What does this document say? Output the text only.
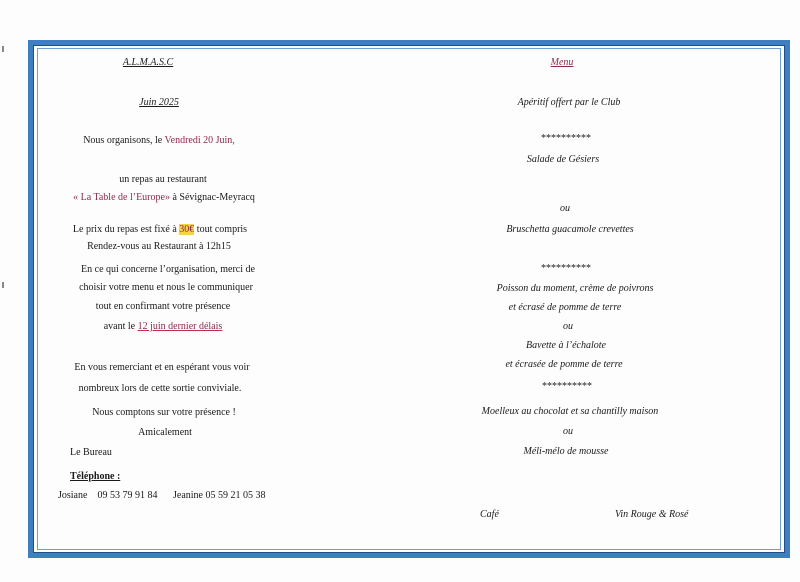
A.L.M.A.S.C
Juin 2025
Nous organisons, le Vendredi 20 Juin,
un repas au restaurant
« La Table de l’Europe» à Sévignac-Meyracq
Le prix du repas est fixé à 30€ tout compris
Rendez-vous au Restaurant à 12h15
En ce qui concerne l’organisation, merci de
choisir votre menu et nous le communiquer
tout en confirmant votre présence
avant le 12 juin dernier délais
En vous remerciant et en espérant vous voir
nombreux lors de cette sortie conviviale.
Nous comptons sur votre présence !
Amicalement
Le Bureau
Téléphone :
Josiane    09 53 79 91 84 Jeanine 05 59 21 05 38
Menu
Apéritif offert par le Club
**********
Salade de Gésiers
ou
Bruschetta guacamole crevettes
**********
Poisson du moment, crème de poivrons
et écrasé de pomme de terre
ou
Bavette à l’échalote
et écrasée de pomme de terre
**********
Moelleux au chocolat et sa chantilly maison
ou
Méli-mélo de mousse
Café	Vin Rouge & Rosé
